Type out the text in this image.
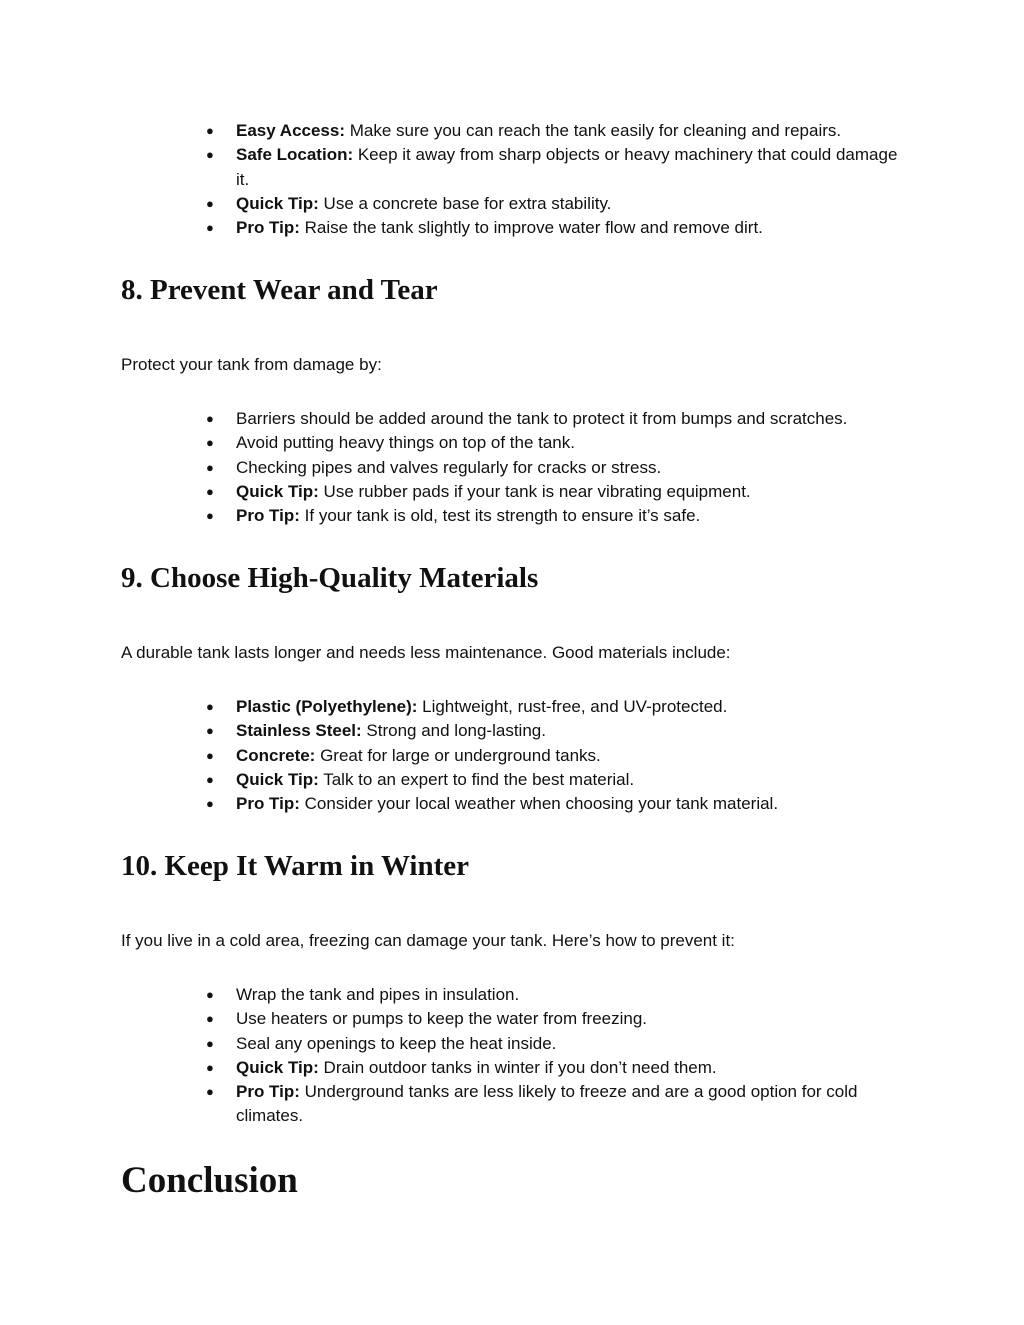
●
Easy Access: Make sure you can reach the tank easily for cleaning and repairs.
●
Safe Location: Keep it away from sharp objects or heavy machinery that could damage it.
●
Quick Tip: Use a concrete base for extra stability.
●
Pro Tip: Raise the tank slightly to improve water flow and remove dirt.
8. Prevent Wear and Tear

Protect your tank from damage by:

●
Barriers should be added around the tank to protect it from bumps and scratches.
●
Avoid putting heavy things on top of the tank.
●
Checking pipes and valves regularly for cracks or stress.
●
Quick Tip: Use rubber pads if your tank is near vibrating equipment.
●
Pro Tip: If your tank is old, test its strength to ensure it’s safe.
9. Choose High-Quality Materials

A durable tank lasts longer and needs less maintenance. Good materials include:

●
Plastic (Polyethylene): Lightweight, rust-free, and UV-protected.
●
Stainless Steel: Strong and long-lasting.
●
Concrete: Great for large or underground tanks.
●
Quick Tip: Talk to an expert to find the best material.
●
Pro Tip: Consider your local weather when choosing your tank material.
10. Keep It Warm in Winter

If you live in a cold area, freezing can damage your tank. Here’s how to prevent it:

●
Wrap the tank and pipes in insulation.
●
Use heaters or pumps to keep the water from freezing.
●
Seal any openings to keep the heat inside.
●
Quick Tip: Drain outdoor tanks in winter if you don’t need them.
●
Pro Tip: Underground tanks are less likely to freeze and are a good option for cold climates.
Conclusion
